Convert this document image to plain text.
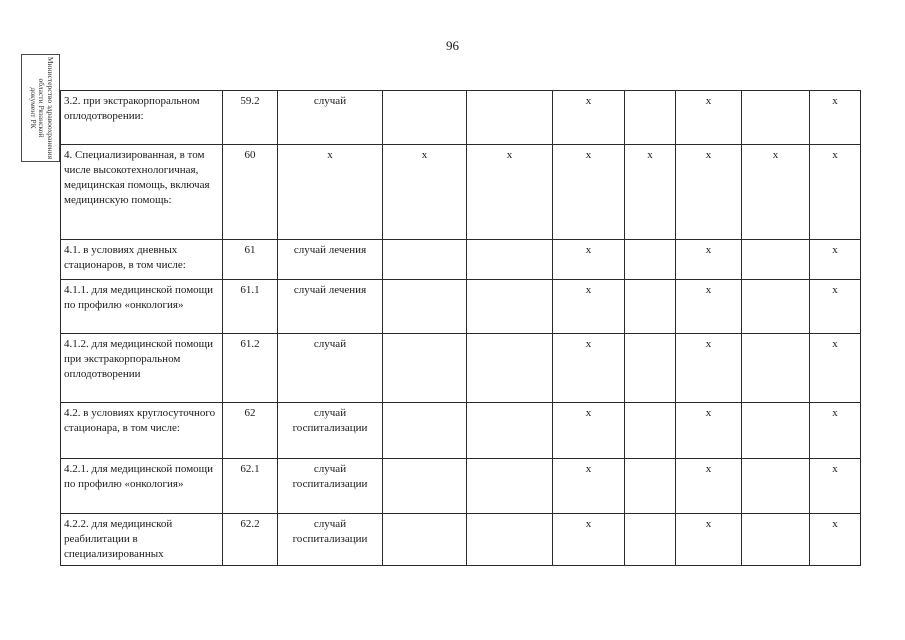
96
Министерство здравоохранения
области Рязанской
документ РК 3.2. при экстракорпоральном оплодотворении:	59.2	случай			х		х		х
4. Специализированная, в том числе высокотехнологичная, медицинская помощь, включая медицинскую помощь:	60	х	х	х	х	х	х	х	х
4.1. в условиях дневных стационаров, в том числе:	61	случай лечения			х		х		х
4.1.1. для медицинской помощи по профилю «онкология»	61.1	случай лечения			х		х		х
4.1.2. для медицинской помощи при экстракорпоральном оплодотворении	61.2	случай			х		х		х
4.2. в условиях круглосуточного стационара, в том числе:	62	случай госпитализации			х		х		х
4.2.1. для медицинской помощи по профилю «онкология»	62.1	случай госпитализации			х		х		х
4.2.2. для медицинской реабилитации в специализированных	62.2	случай госпитализации			х		х		х
